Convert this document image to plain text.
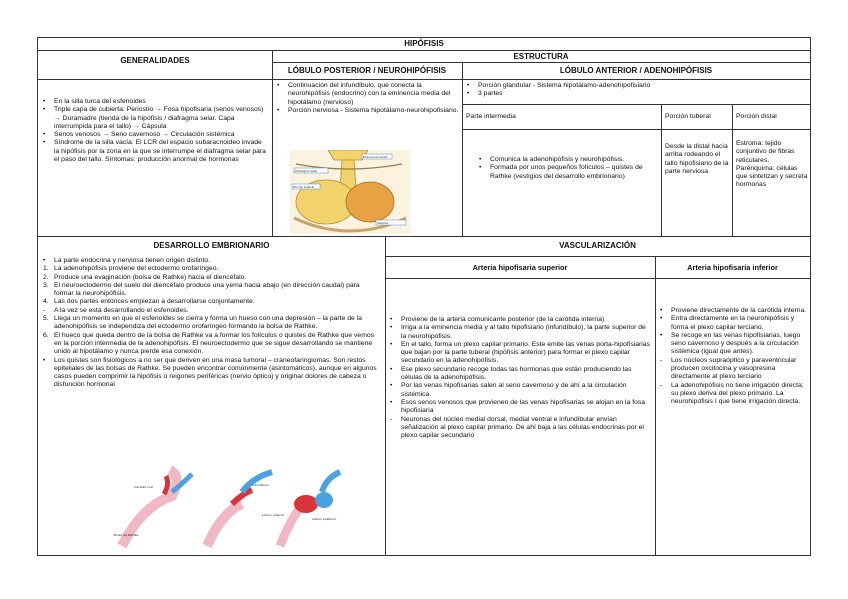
HIPÓFISIS
GENERALIDADES
• En la silla turca del esfenoides
• Triple capa de cubierta: Periostio → Fosa hipofisaria (senos venosos) → Duramadre (tienda de la hipófisis / diafragma selar. Capa interrumpida para el tallo) → Cápsula
• Senos venosos → Seno cavernoso → Circulación sistémica
• Síndrome de la silla vacía: El LCR del espacio subaracnoideo invade la hipófisis por la zona en la que se interrumpe el diafragma selar para el paso del tallo. Síntomas: producción anormal de hormonas
ESTRUCTURA
LÓBULO POSTERIOR / NEUROHIPÓFISIS	LÓBULO ANTERIOR / ADENOHIPÓFISIS
• Continuación del infundíbulo, que conecta la neurohipófisis (endocrino) con la eminencia media del hipotálamo (nervioso)
• Porción nerviosa - Sistema hipotálamo-neurohipofisiario.
Diafragma selar
Eminencia media
Porción tuberal
Cápsula
• Porción glandular - Sistema hipotálamo-adenohipofisiario
• 3 partes
Parte intermedia	Porción tuberal	Porción distal
• Comunica la adenohipófisis y neurohipófisis.
• Formada por unos pequeños folículos – quistes de Rathke (vestigios del desarrollo embrionario)
Desde la distal hacia arriba rodeando el tallo hipofisiario de la parte nerviosa
Estroma: tejido conjuntivo de fibras reticulares. Parénquima: células que sintetizan y secreta hormonas
DESARROLLO EMBRIONARIO
• La parte endocrina y nerviosa tienen origen distinto.
1. La adenohipófisis proviene del ectodermo orofaríngeo.
2. Produce una evaginación (bolsa de Rathke) hacia el diencéfalo.
3. El neuroectodermo del suelo del diencéfalo produce una yema hacia abajo (en dirección caudal) para formar la neurohipófisis.
4. Las dos partes entonces empiezan a desarrollarse conjuntamente.
- A la vez se está desarrollando el esfenoides.
5. Llega un momento en que el esfenoides se cierra y forma un hueso con una depresión – la parte de la adenohipófisis se independiza del ectodermo orofaríngeo formando la bolsa de Rathke.
6. El hueco que queda dentro de la bolsa de Rathke va a formar los folículos o quistes de Rathke que vemos en la porción intermedia de la adenohipófisis. El neuroectodermo que se sigue desarrollando se mantiene unido al hipotálamo y nunca pierde esa conexión.
• Los quistes son fisiológicos a no ser que deriven en una masa tumoral – craneofaringiomas. Son restos epiteliales de las bolsas de Rathke. Se pueden encontrar comúnmente (asintomáticos), aunque en algunos casos pueden comprimir la hipófisis o reigones periféricas (nervio óptico) y originar dolores de cabeza o disfunción hormonal
Bolsa de Rathke
Cavidad oral	Infundíbulo
Lóbulo anterior
Lóbulo posterior
VASCULARIZACIÓN
Arteria hipofisaria superior	Arteria hipofisaria inferior
• Proviene de la arteria comunicante posterior (de la carótida interna)
• Irriga a la eminencia media y al tallo hipofisiario (infundíbulo), la parte superior de la neurohipófisis.
• En el tallo, forma un plexo capilar primario. Este emite las venas porta-hipofisiarias que bajan por la parte tuberal (hipófisis anterior) para formar el plexo capilar secundario en la adenohipófisis.
• Ese plexo secundario recoge todas las hormonas que están produciendo las células de la adenohipófisis.
• Por las venas hipofisarias salen al seno cavernoso y de ahí a la circulación sistémica.
• Esos senos venosos que provienen de las venas hipofisarias se alojan en la fosa hipofisiaria
- Neuronas del núcleo medial dorsal, medial ventral e infundibular envían señalización al plexo capilar primario. De ahí baja a las células endocrinas por el plexo capilar secundario
• Proviene directamente de la carótida interna.
• Entra directamente en la neurohipófisis y forma el plexo capilar terciario.
• Se recoge en las venas hipofisiarias, luego seno cavernoso y después a la circulación sistémica (igual que antes).
- Los núcleos supraóptico y paraventricular producen oxcitocina y vasopresina directamente al plexo terciario
- La adenohipófisis no tiene irrigación directa; su plexo deriva del plexo primario. La neurohipófisis í que tiene irrigación directa.
